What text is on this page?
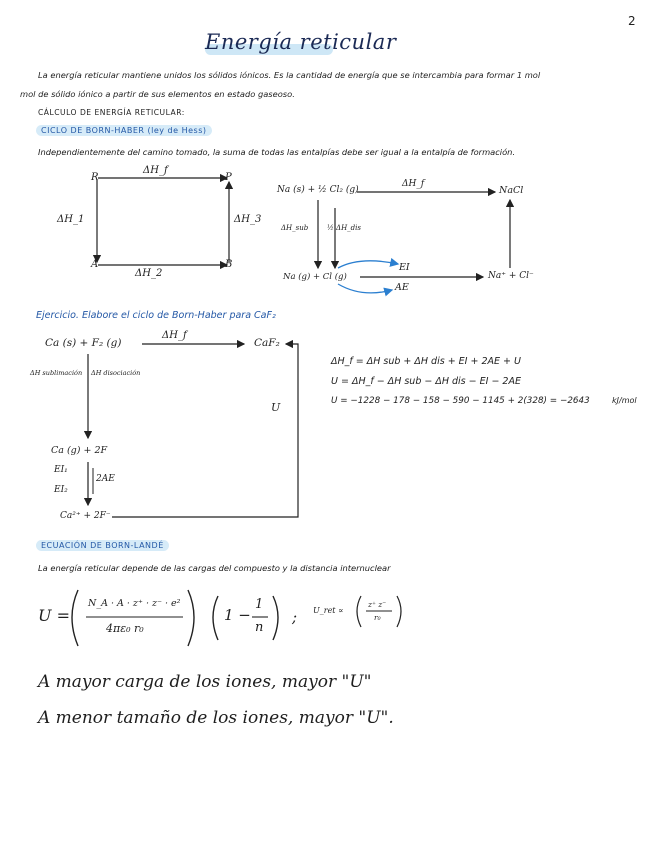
2
Energía reticular
La energía reticular mantiene unidos los sólidos iónicos. Es la cantidad de energía que se intercambia para formar 1 mol
mol de sólido iónico a partir de sus elementos en estado gaseoso.
CÁLCULO DE ENERGÍA RETICULAR:
CICLO DE BORN-HABER (ley de Hess)
Independientemente del camino tomado, la suma de todas las entalpías debe ser igual a la entalpía de formación.
R	P
A	B
ΔH_f
ΔH_1	ΔH_3
ΔH_2
Na (s) + ½ Cl₂ (g)
ΔH_f
NaCl
ΔH_sub	½ ΔH_dis
Na (g) + Cl (g)
EI
AE
Na⁺ + Cl⁻
Ejercicio. Elabore el ciclo de Born-Haber para CaF₂
Ca (s) + F₂ (g)
ΔH_f
CaF₂
ΔH sublimación ΔH disociación
U
Ca (g) + 2F
EI₁
EI₂
2AE
Ca²⁺ + 2F⁻
ΔH_f = ΔH sub + ΔH dis + EI + 2AE + U
U = ΔH_f − ΔH sub − ΔH dis − EI − 2AE
U = −1228 − 178 − 158 − 590 − 1145 + 2(328) = −2643	kJ/mol
ECUACIÓN DE BORN-LANDÉ
La energía reticular depende de las cargas del compuesto y la distancia internuclear
U =
N_A · A · z⁺ · z⁻ · e²
4πε₀ r₀
1 −
1
n
; U_ret ∝
z⁺ z⁻
r₀
A mayor carga de los iones, mayor "U"
A menor tamaño de los iones, mayor "U".
